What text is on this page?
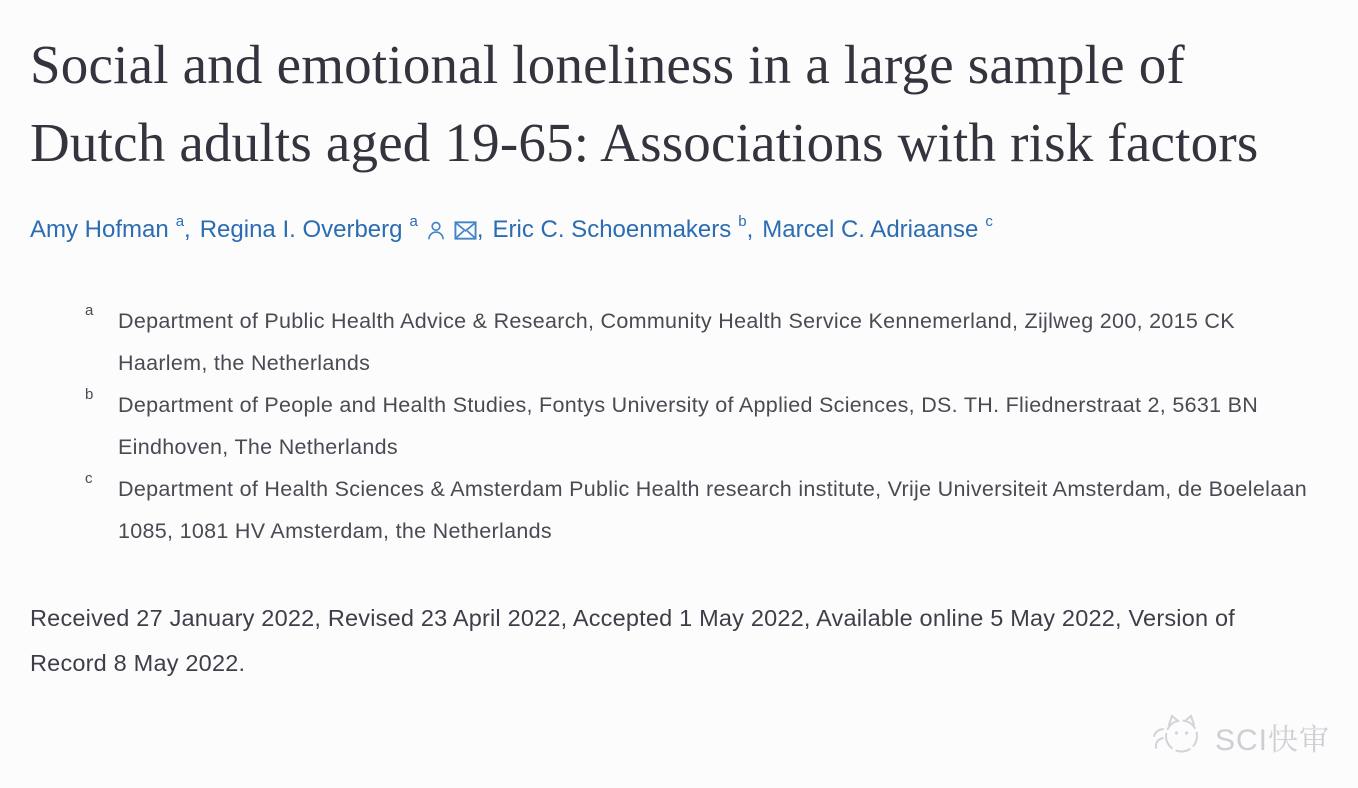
Social and emotional loneliness in a large sample of Dutch adults aged 19-65: Associations with risk factors
Amy Hofman $^a$ , Regina I. Overberg $^a$ , Eric C. Schoenmakers $^b$ , Marcel C. Adriaanse $^c$
a	Department of Public Health Advice & Research, Community Health Service Kennemerland, Zijlweg 200, 2015 CK Haarlem, the Netherlands
b	Department of People and Health Studies, Fontys University of Applied Sciences, DS. TH. Fliednerstraat 2, 5631 BN Eindhoven, The Netherlands
c	Department of Health Sciences & Amsterdam Public Health research institute, Vrije Universiteit Amsterdam, de Boelelaan 1085, 1081 HV Amsterdam, the Netherlands

Received 27 January 2022, Revised 23 April 2022, Accepted 1 May 2022, Available online 5 May 2022, Version of Record 8 May 2022.

SCI快审
